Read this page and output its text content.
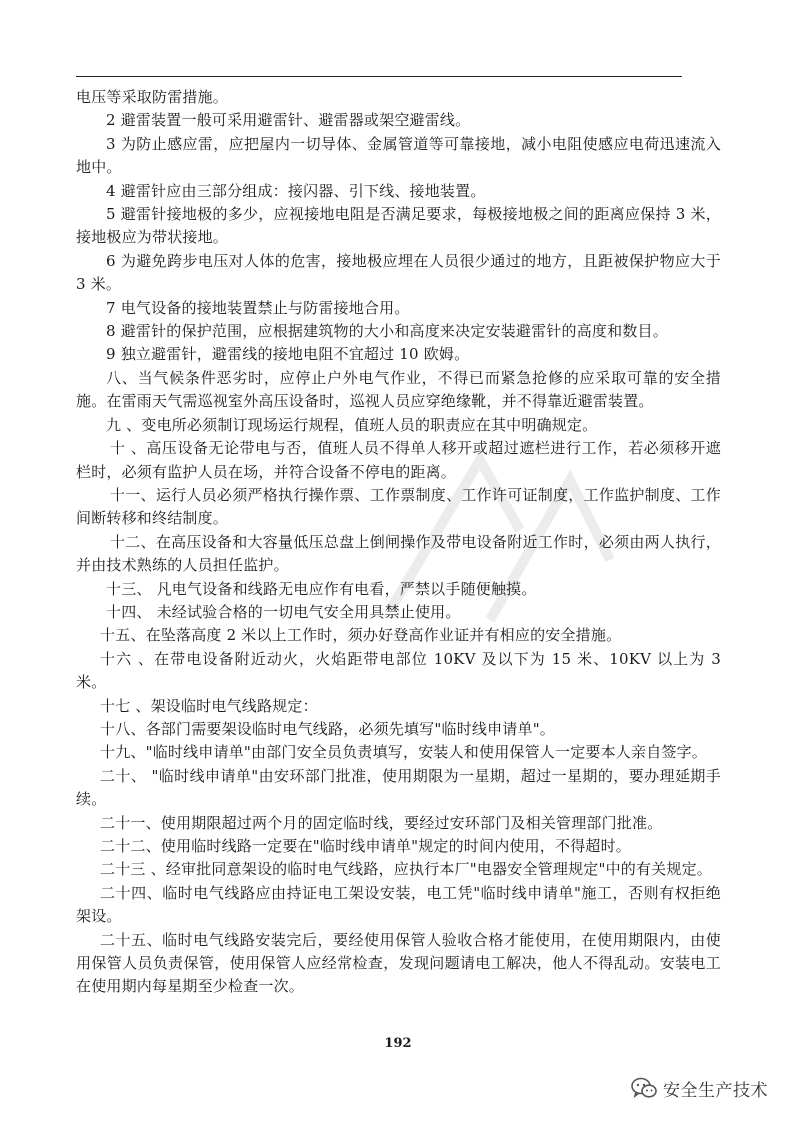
电压等采取防雷措施。

2 避雷装置一般可采用避雷针、避雷器或架空避雷线。

3 为防止感应雷，应把屋内一切导体、金属管道等可靠接地，减小电阻使感应电荷迅速流入地中。

4 避雷针应由三部分组成：接闪器、引下线、接地装置。

5 避雷针接地极的多少，应视接地电阻是否满足要求，每极接地极之间的距离应保持 3 米，接地极应为带状接地。

6 为避免跨步电压对人体的危害，接地极应埋在人员很少通过的地方，且距被保护物应大于 3 米。

7 电气设备的接地装置禁止与防雷接地合用。

8 避雷针的保护范围，应根据建筑物的大小和高度来决定安装避雷针的高度和数目。

9 独立避雷针，避雷线的接地电阻不宜超过 10 欧姆。

八、当气候条件恶劣时，应停止户外电气作业，不得已而紧急抢修的应采取可靠的安全措施。在雷雨天气需巡视室外高压设备时，巡视人员应穿绝缘靴，并不得靠近避雷装置。

九 、变电所必须制订现场运行规程，值班人员的职责应在其中明确规定。

十 、高压设备无论带电与否，值班人员不得单人移开或超过遮栏进行工作，若必须移开遮栏时，必须有监护人员在场，并符合设备不停电的距离。

十一、运行人员必须严格执行操作票、工作票制度、工作许可证制度，工作监护制度、工作间断转移和终结制度。

十二、在高压设备和大容量低压总盘上倒闸操作及带电设备附近工作时，必须由两人执行，并由技术熟练的人员担任监护。

十三、 凡电气设备和线路无电应作有电看，严禁以手随便触摸。

十四、 未经试验合格的一切电气安全用具禁止使用。

十五、在坠落高度 2 米以上工作时，须办好登高作业证并有相应的安全措施。

十六 、在带电设备附近动火，火焰距带电部位 10KV 及以下为 15 米、10KV 以上为 3 米。

十七 、架设临时电气线路规定：

十八、各部门需要架设临时电气线路，必须先填写"临时线申请单"。

十九、"临时线申请单"由部门安全员负责填写，安装人和使用保管人一定要本人亲自签字。

二十、 "临时线申请单"由安环部门批准，使用期限为一星期，超过一星期的，要办理延期手续。

二十一、使用期限超过两个月的固定临时线，要经过安环部门及相关管理部门批准。

二十二、使用临时线路一定要在"临时线申请单"规定的时间内使用，不得超时。

二十三 、经审批同意架设的临时电气线路，应执行本厂"电器安全管理规定"中的有关规定。

二十四、临时电气线路应由持证电工架设安装，电工凭"临时线申请单"施工，否则有权拒绝架设。

二十五、临时电气线路安装完后，要经使用保管人验收合格才能使用，在使用期限内，由使用保管人员负责保管，使用保管人应经常检查，发现问题请电工解决，他人不得乱动。安装电工在使用期内每星期至少检查一次。

192
安全生产技术
